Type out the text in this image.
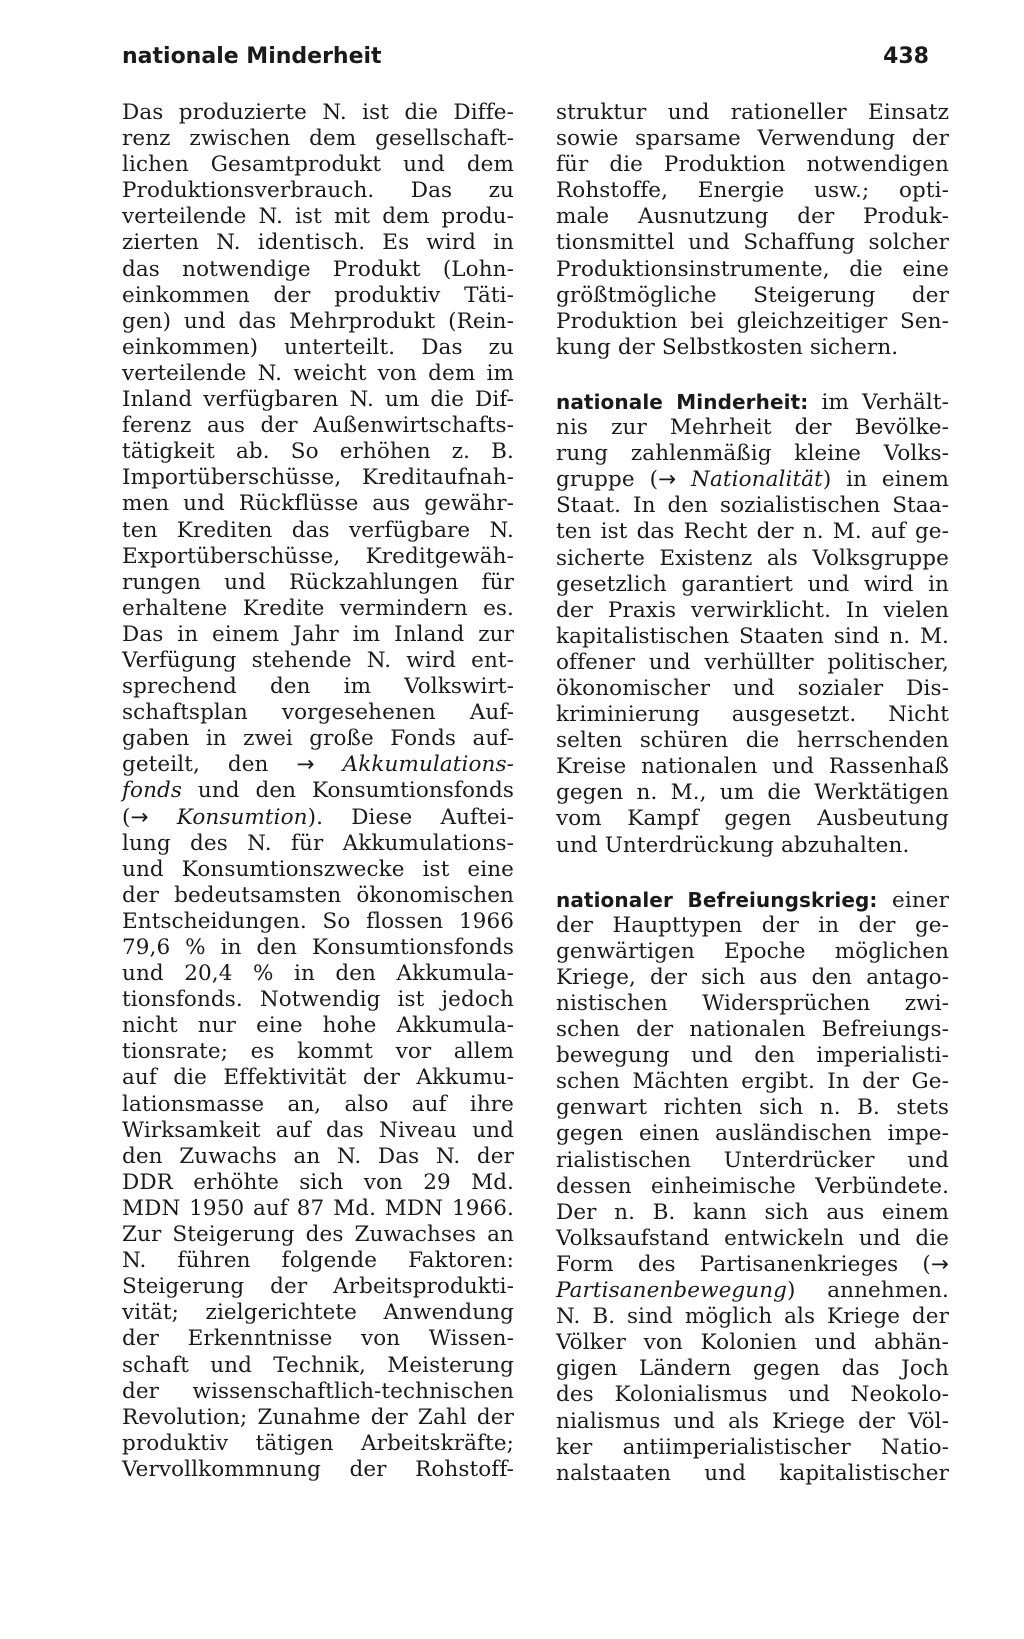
nationale Minderheit	438
Das produzierte N. ist die Diffe-
renz zwischen dem gesellschaft-
lichen Gesamtprodukt und dem
Produktionsverbrauch. Das zu
verteilende N. ist mit dem produ-
zierten N. identisch. Es wird in
das notwendige Produkt (Lohn-
einkommen der produktiv Täti-
gen) und das Mehrprodukt (Rein-
einkommen) unterteilt. Das zu
verteilende N. weicht von dem im
Inland verfügbaren N. um die Dif-
ferenz aus der Außenwirtschafts-
tätigkeit ab. So erhöhen z. B.
Importüberschüsse, Kreditaufnah-
men und Rückflüsse aus gewähr-
ten Krediten das verfügbare N.
Exportüberschüsse, Kreditgewäh-
rungen und Rückzahlungen für
erhaltene Kredite vermindern es.
Das in einem Jahr im Inland zur
Verfügung stehende N. wird ent-
sprechend den im Volkswirt-
schaftsplan vorgesehenen Auf-
gaben in zwei große Fonds auf-
geteilt, den → Akkumulations-
fonds und den Konsumtionsfonds
(→ Konsumtion). Diese Auftei-
lung des N. für Akkumulations-
und Konsumtionszwecke ist eine
der bedeutsamsten ökonomischen
Entscheidungen. So flossen 1966
79,6 % in den Konsumtionsfonds
und 20,4 % in den Akkumula-
tionsfonds. Notwendig ist jedoch
nicht nur eine hohe Akkumula-
tionsrate; es kommt vor allem
auf die Effektivität der Akkumu-
lationsmasse an, also auf ihre
Wirksamkeit auf das Niveau und
den Zuwachs an N. Das N. der
DDR erhöhte sich von 29 Md.
MDN 1950 auf 87 Md. MDN 1966.
Zur Steigerung des Zuwachses an
N. führen folgende Faktoren:
Steigerung der Arbeitsprodukti-
vität; zielgerichtete Anwendung
der Erkenntnisse von Wissen-
schaft und Technik, Meisterung
der wissenschaftlich-technischen
Revolution; Zunahme der Zahl der
produktiv tätigen Arbeitskräfte;
Vervollkommnung der Rohstoff-
struktur und rationeller Einsatz
sowie sparsame Verwendung der
für die Produktion notwendigen
Rohstoffe, Energie usw.; opti-
male Ausnutzung der Produk-
tionsmittel und Schaffung solcher
Produktionsinstrumente, die eine
größtmögliche Steigerung der
Produktion bei gleichzeitiger Sen-
kung der Selbstkosten sichern.
nationale Minderheit: im Verhält-
nis zur Mehrheit der Bevölke-
rung zahlenmäßig kleine Volks-
gruppe (→ Nationalität) in einem
Staat. In den sozialistischen Staa-
ten ist das Recht der n. M. auf ge-
sicherte Existenz als Volksgruppe
gesetzlich garantiert und wird in
der Praxis verwirklicht. In vielen
kapitalistischen Staaten sind n. M.
offener und verhüllter politischer,
ökonomischer und sozialer Dis-
kriminierung ausgesetzt. Nicht
selten schüren die herrschenden
Kreise nationalen und Rassenhaß
gegen n. M., um die Werktätigen
vom Kampf gegen Ausbeutung
und Unterdrückung abzuhalten.
nationaler Befreiungskrieg: einer
der Haupttypen der in der ge-
genwärtigen Epoche möglichen
Kriege, der sich aus den antago-
nistischen Widersprüchen zwi-
schen der nationalen Befreiungs-
bewegung und den imperialisti-
schen Mächten ergibt. In der Ge-
genwart richten sich n. B. stets
gegen einen ausländischen impe-
rialistischen Unterdrücker und
dessen einheimische Verbündete.
Der n. B. kann sich aus einem
Volksaufstand entwickeln und die
Form des Partisanenkrieges (→
Partisanenbewegung) annehmen.
N. B. sind möglich als Kriege der
Völker von Kolonien und abhän-
gigen Ländern gegen das Joch
des Kolonialismus und Neokolo-
nialismus und als Kriege der Völ-
ker antiimperialistischer Natio-
nalstaaten und kapitalistischer
